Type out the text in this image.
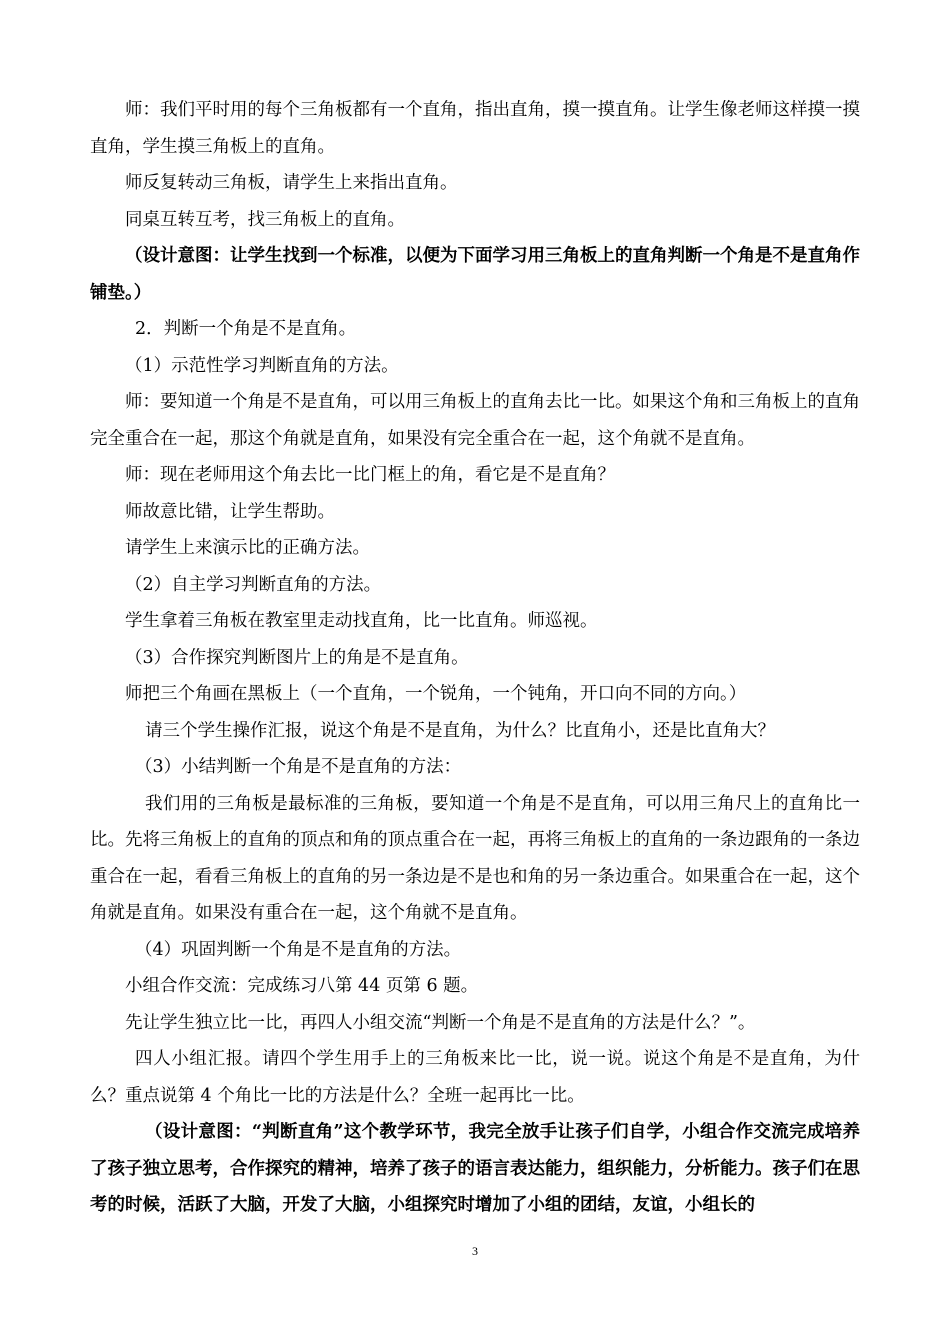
师：我们平时用的每个三角板都有一个直角，指出直角，摸一摸直角。让学生像老师这样摸一摸直角，学生摸三角板上的直角。

师反复转动三角板，请学生上来指出直角。

同桌互转互考，找三角板上的直角。

（设计意图：让学生找到一个标准，以便为下面学习用三角板上的直角判断一个角是不是直角作铺垫。）

2．判断一个角是不是直角。

（1）示范性学习判断直角的方法。

师：要知道一个角是不是直角，可以用三角板上的直角去比一比。如果这个角和三角板上的直角完全重合在一起，那这个角就是直角，如果没有完全重合在一起，这个角就不是直角。

师：现在老师用这个角去比一比门框上的角，看它是不是直角？

师故意比错，让学生帮助。

请学生上来演示比的正确方法。

（2）自主学习判断直角的方法。

学生拿着三角板在教室里走动找直角，比一比直角。师巡视。

（3）合作探究判断图片上的角是不是直角。

师把三个角画在黑板上（一个直角，一个锐角，一个钝角，开口向不同的方向。）

请三个学生操作汇报，说这个角是不是直角，为什么？比直角小，还是比直角大？

（3）小结判断一个角是不是直角的方法：

我们用的三角板是最标准的三角板，要知道一个角是不是直角，可以用三角尺上的直角比一比。先将三角板上的直角的顶点和角的顶点重合在一起，再将三角板上的直角的一条边跟角的一条边重合在一起，看看三角板上的直角的另一条边是不是也和角的另一条边重合。如果重合在一起，这个角就是直角。如果没有重合在一起，这个角就不是直角。

（4）巩固判断一个角是不是直角的方法。

小组合作交流：完成练习八第 44 页第 6 题。

先让学生独立比一比，再四人小组交流“判断一个角是不是直角的方法是什么？”。

四人小组汇报。请四个学生用手上的三角板来比一比，说一说。说这个角是不是直角，为什么？重点说第 4 个角比一比的方法是什么？全班一起再比一比。

（设计意图：“判断直角”这个教学环节，我完全放手让孩子们自学，小组合作交流完成培养了孩子独立思考，合作探究的精神，培养了孩子的语言表达能力，组织能力，分析能力。孩子们在思考的时候，活跃了大脑，开发了大脑，小组探究时增加了小组的团结，友谊，小组长的

3
